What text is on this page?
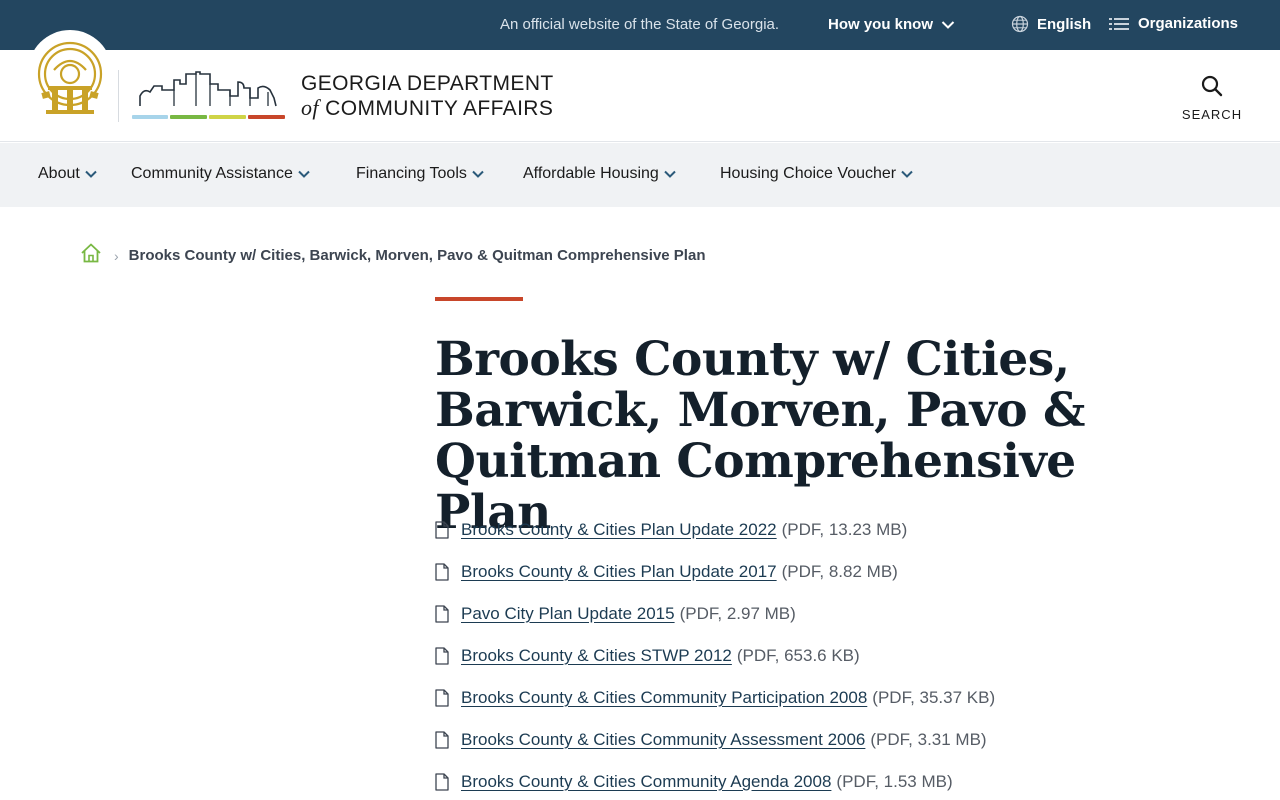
An official website of the State of Georgia.	How you know	English	Organizations
GEORGIA DEPARTMENT
of COMMUNITY AFFAIRS	SEARCH
About	Community Assistance	Financing Tools	Affordable Housing	Housing Choice Voucher
› Brooks County w/ Cities, Barwick, Morven, Pavo & Quitman Comprehensive Plan
Brooks County w/ Cities, Barwick, Morven, Pavo & Quitman Comprehensive Plan
Brooks County & Cities Plan Update 2022 (PDF, 13.23 MB)
Brooks County & Cities Plan Update 2017 (PDF, 8.82 MB)
Pavo City Plan Update 2015 (PDF, 2.97 MB)
Brooks County & Cities STWP 2012 (PDF, 653.6 KB)
Brooks County & Cities Community Participation 2008 (PDF, 35.37 KB)
Brooks County & Cities Community Assessment 2006 (PDF, 3.31 MB)
Brooks County & Cities Community Agenda 2008 (PDF, 1.53 MB)
